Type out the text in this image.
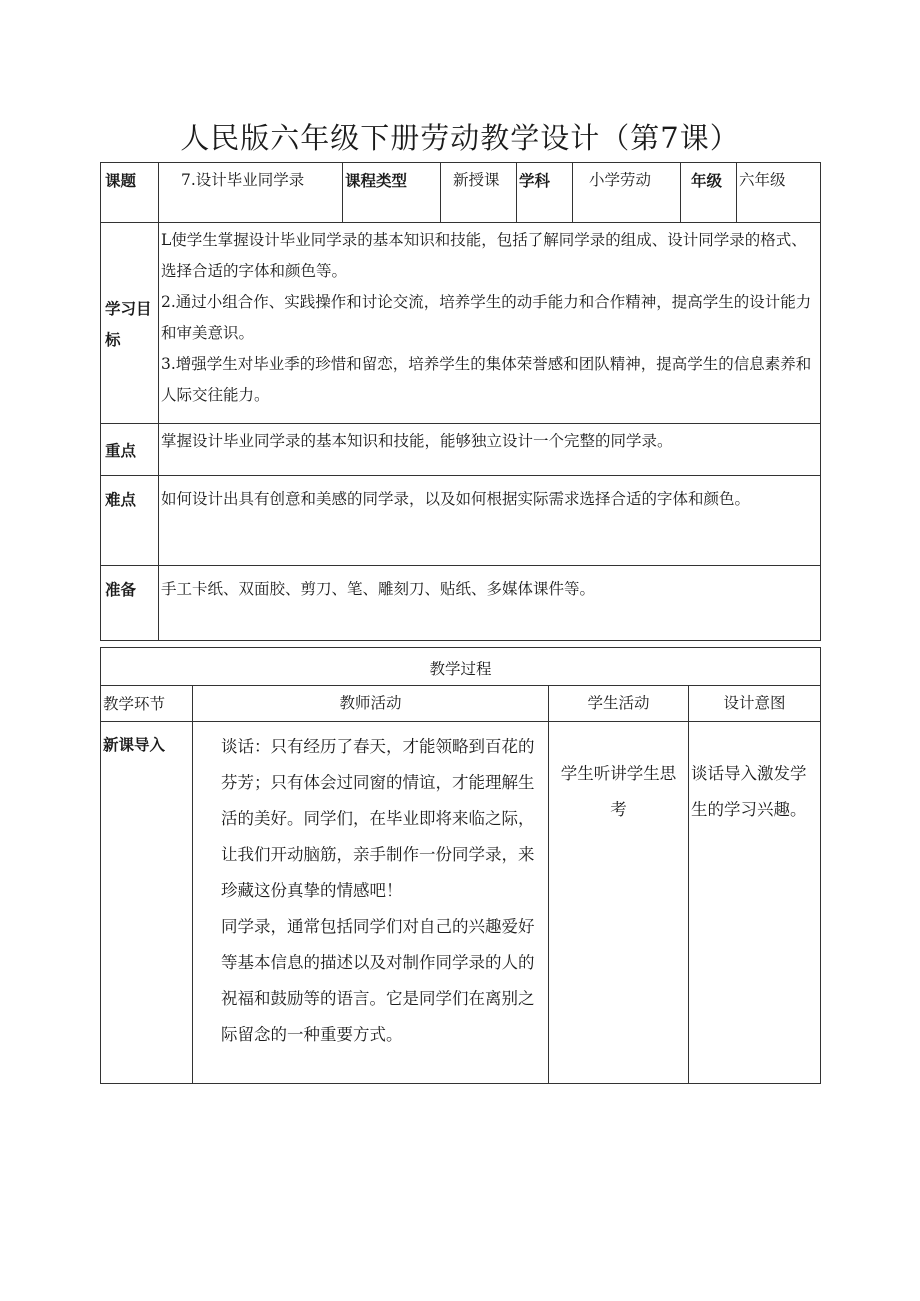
人民版六年级下册劳动教学设计（第7课）
课题	7.设计毕业同学录	课程类型	新授课	学科	小学劳动	年级	六年级

学习目标	L使学生掌握设计毕业同学录的基本知识和技能，包括了解同学录的组成、设计同学录的格式、选择合适的字体和颜色等。
2.通过小组合作、实践操作和讨论交流，培养学生的动手能力和合作精神，提高学生的设计能力和审美意识。
3.增强学生对毕业季的珍惜和留恋，培养学生的集体荣誉感和团队精神，提高学生的信息素养和人际交往能力。						

重点	掌握设计毕业同学录的基本知识和技能，能够独立设计一个完整的同学录。						

难点	如何设计出具有创意和美感的同学录，以及如何根据实际需求选择合适的字体和颜色。						

准备	手工卡纸、双面胶、剪刀、笔、雕刻刀、贴纸、多媒体课件等。						
教学过程			

教学环节	教师活动	学生活动	设计意图

新课导入	谈话：只有经历了春天，才能领略到百花的芬芳；只有体会过同窗的情谊，才能理解生活的美好。同学们，在毕业即将来临之际，让我们开动脑筋，亲手制作一份同学录，来珍藏这份真挚的情感吧！
同学录，通常包括同学们对自己的兴趣爱好等基本信息的描述以及对制作同学录的人的祝福和鼓励等的语言。它是同学们在离别之际留念的一种重要方式。	学生听讲学生思考	谈话导入激发学生的学习兴趣。
